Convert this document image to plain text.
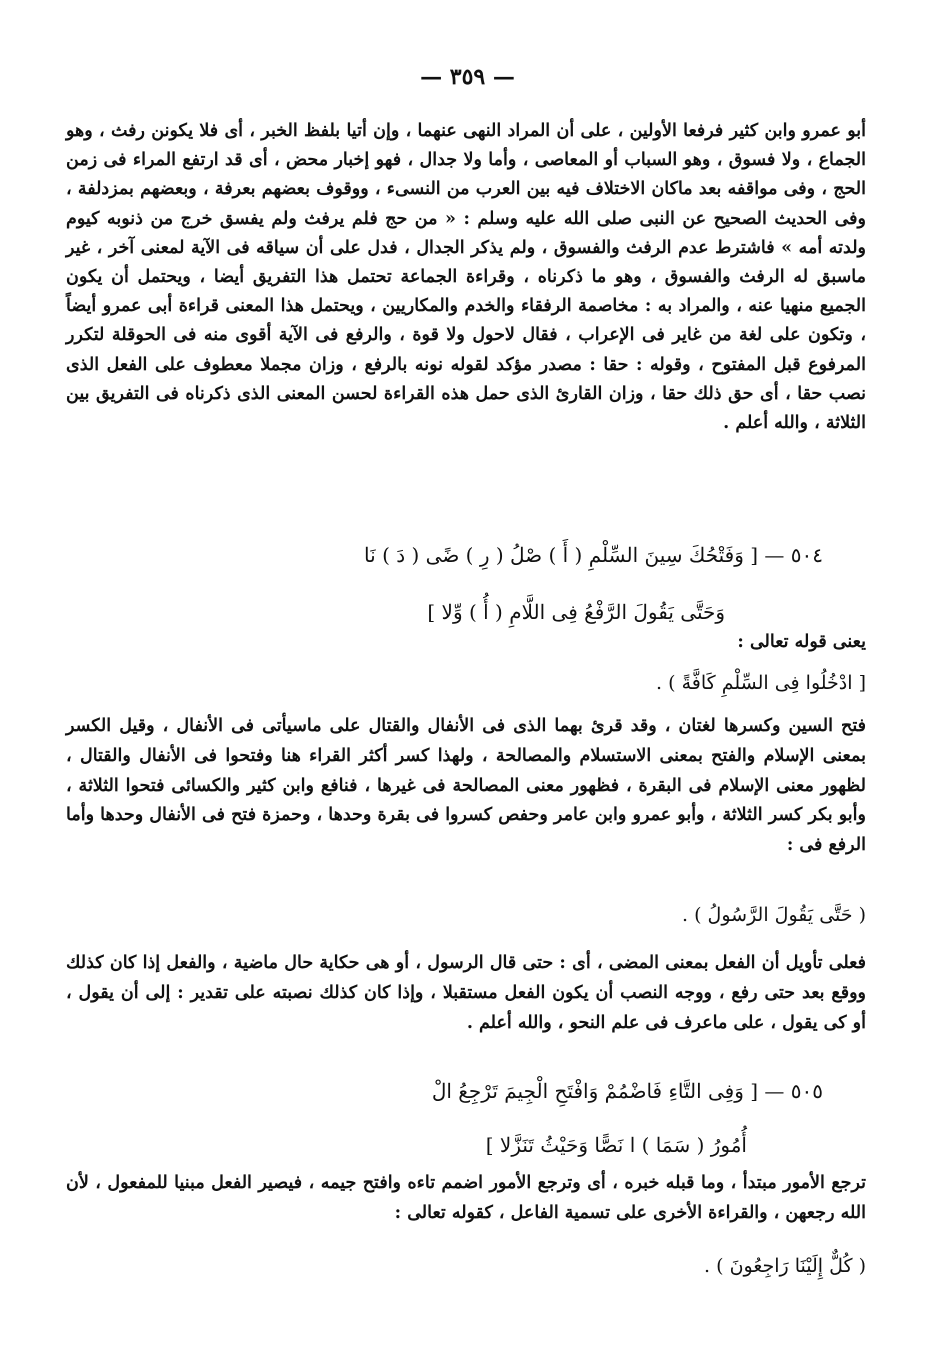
— ٣٥٩ —
أبو عمرو وابن كثير فرفعا الأولين ، على أن المراد النهى عنهما ، وإن أتيا بلفظ الخبر ، أى فلا يكونن رفث ، وهو الجماع ، ولا فسوق ، وهو السباب أو المعاصى ، وأما ولا جدال ، فهو إخبار محض ، أى قد ارتفع المراء فى زمن الحج ، وفى مواقفه بعد ماكان الاختلاف فيه بين العرب من النسىء ، ووقوف بعضهم بعرفة ، وبعضهم بمزدلفة ، وفى الحديث الصحيح عن النبى صلى الله عليه وسلم : « من حج فلم يرفث ولم يفسق خرج من ذنوبه كيوم ولدته أمه » فاشترط عدم الرفث والفسوق ، ولم يذكر الجدال ، فدل على أن سياقه فى الآية لمعنى آخر ، غير ماسبق له الرفث والفسوق ، وهو ما ذكرناه ، وقراءة الجماعة تحتمل هذا التفريق أيضا ، ويحتمل أن يكون الجميع منهيا عنه ، والمراد به : مخاصمة الرفقاء والخدم والمكاريين ، ويحتمل هذا المعنى قراءة أبى عمرو أيضاً ، وتكون على لغة من غاير فى الإعراب ، فقال لاحول ولا قوة ، والرفع فى الآية أقوى منه فى الحوقلة لتكرر المرفوع قبل المفتوح ، وقوله : حقا : مصدر مؤكد لقوله نونه بالرفع ، وزان مجملا معطوف على الفعل الذى نصب حقا ، أى حق ذلك حقا ، وزان القارئ الذى حمل هذه القراءة لحسن المعنى الذى ذكرناه فى التفريق بين الثلاثة ، والله أعلم .
٥٠٤ — [ وَفَتْحُكَ سِينَ السِّلْمِ ( أَ ) صْلُ ( رِ ) ضًى ( دَ ) نَا
وَحَتَّى يَقُولَ الرَّفْعُ فِى اللَّامِ ( أُ ) وِّلا ]
يعنى قوله تعالى :
[ ادْخُلُوا فِى السِّلْمِ كَافَّةً ) .
فتح السين وكسرها لغتان ، وقد قرئ بهما الذى فى الأنفال والقتال على ماسيأتى فى الأنفال ، وقيل الكسر بمعنى الإسلام والفتح بمعنى الاستسلام والمصالحة ، ولهذا كسر أكثر القراء هنا وفتحوا فى الأنفال والقتال ، لظهور معنى الإسلام فى البقرة ، فظهور معنى المصالحة فى غيرها ، فنافع وابن كثير والكسائى فتحوا الثلاثة ، وأبو بكر كسر الثلاثة ، وأبو عمرو وابن عامر وحفص كسروا فى بقرة وحدها ، وحمزة فتح فى الأنفال وحدها وأما الرفع فى :
( حَتَّى يَقُولَ الرَّسُولُ ) .
فعلى تأويل أن الفعل بمعنى المضى ، أى : حتى قال الرسول ، أو هى حكاية حال ماضية ، والفعل إذا كان كذلك ووقع بعد حتى رفع ، ووجه النصب أن يكون الفعل مستقبلا ، وإذا كان كذلك نصبته على تقدير : إلى أن يقول ، أو كى يقول ، على ماعرف فى علم النحو ، والله أعلم .
٥٠٥ — [ وَفِى التَّاءِ فَاضْمُمْ وَافْتَحِ الْجِيمَ تَرْجِعُ الْ
أُمُورُ ( سَمَا ) ا نَصًّا وَحَيْثُ تَنَزَّلا ]
ترجع الأمور مبتدأ ، وما قبله خبره ، أى وترجع الأمور اضمم تاءه وافتح جيمه ، فيصير الفعل مبنيا للمفعول ، لأن الله رجعهن ، والقراءة الأخرى على تسمية الفاعل ، كقوله تعالى :
( كُلٌّ إِلَيْنَا رَاجِعُونَ ) .
